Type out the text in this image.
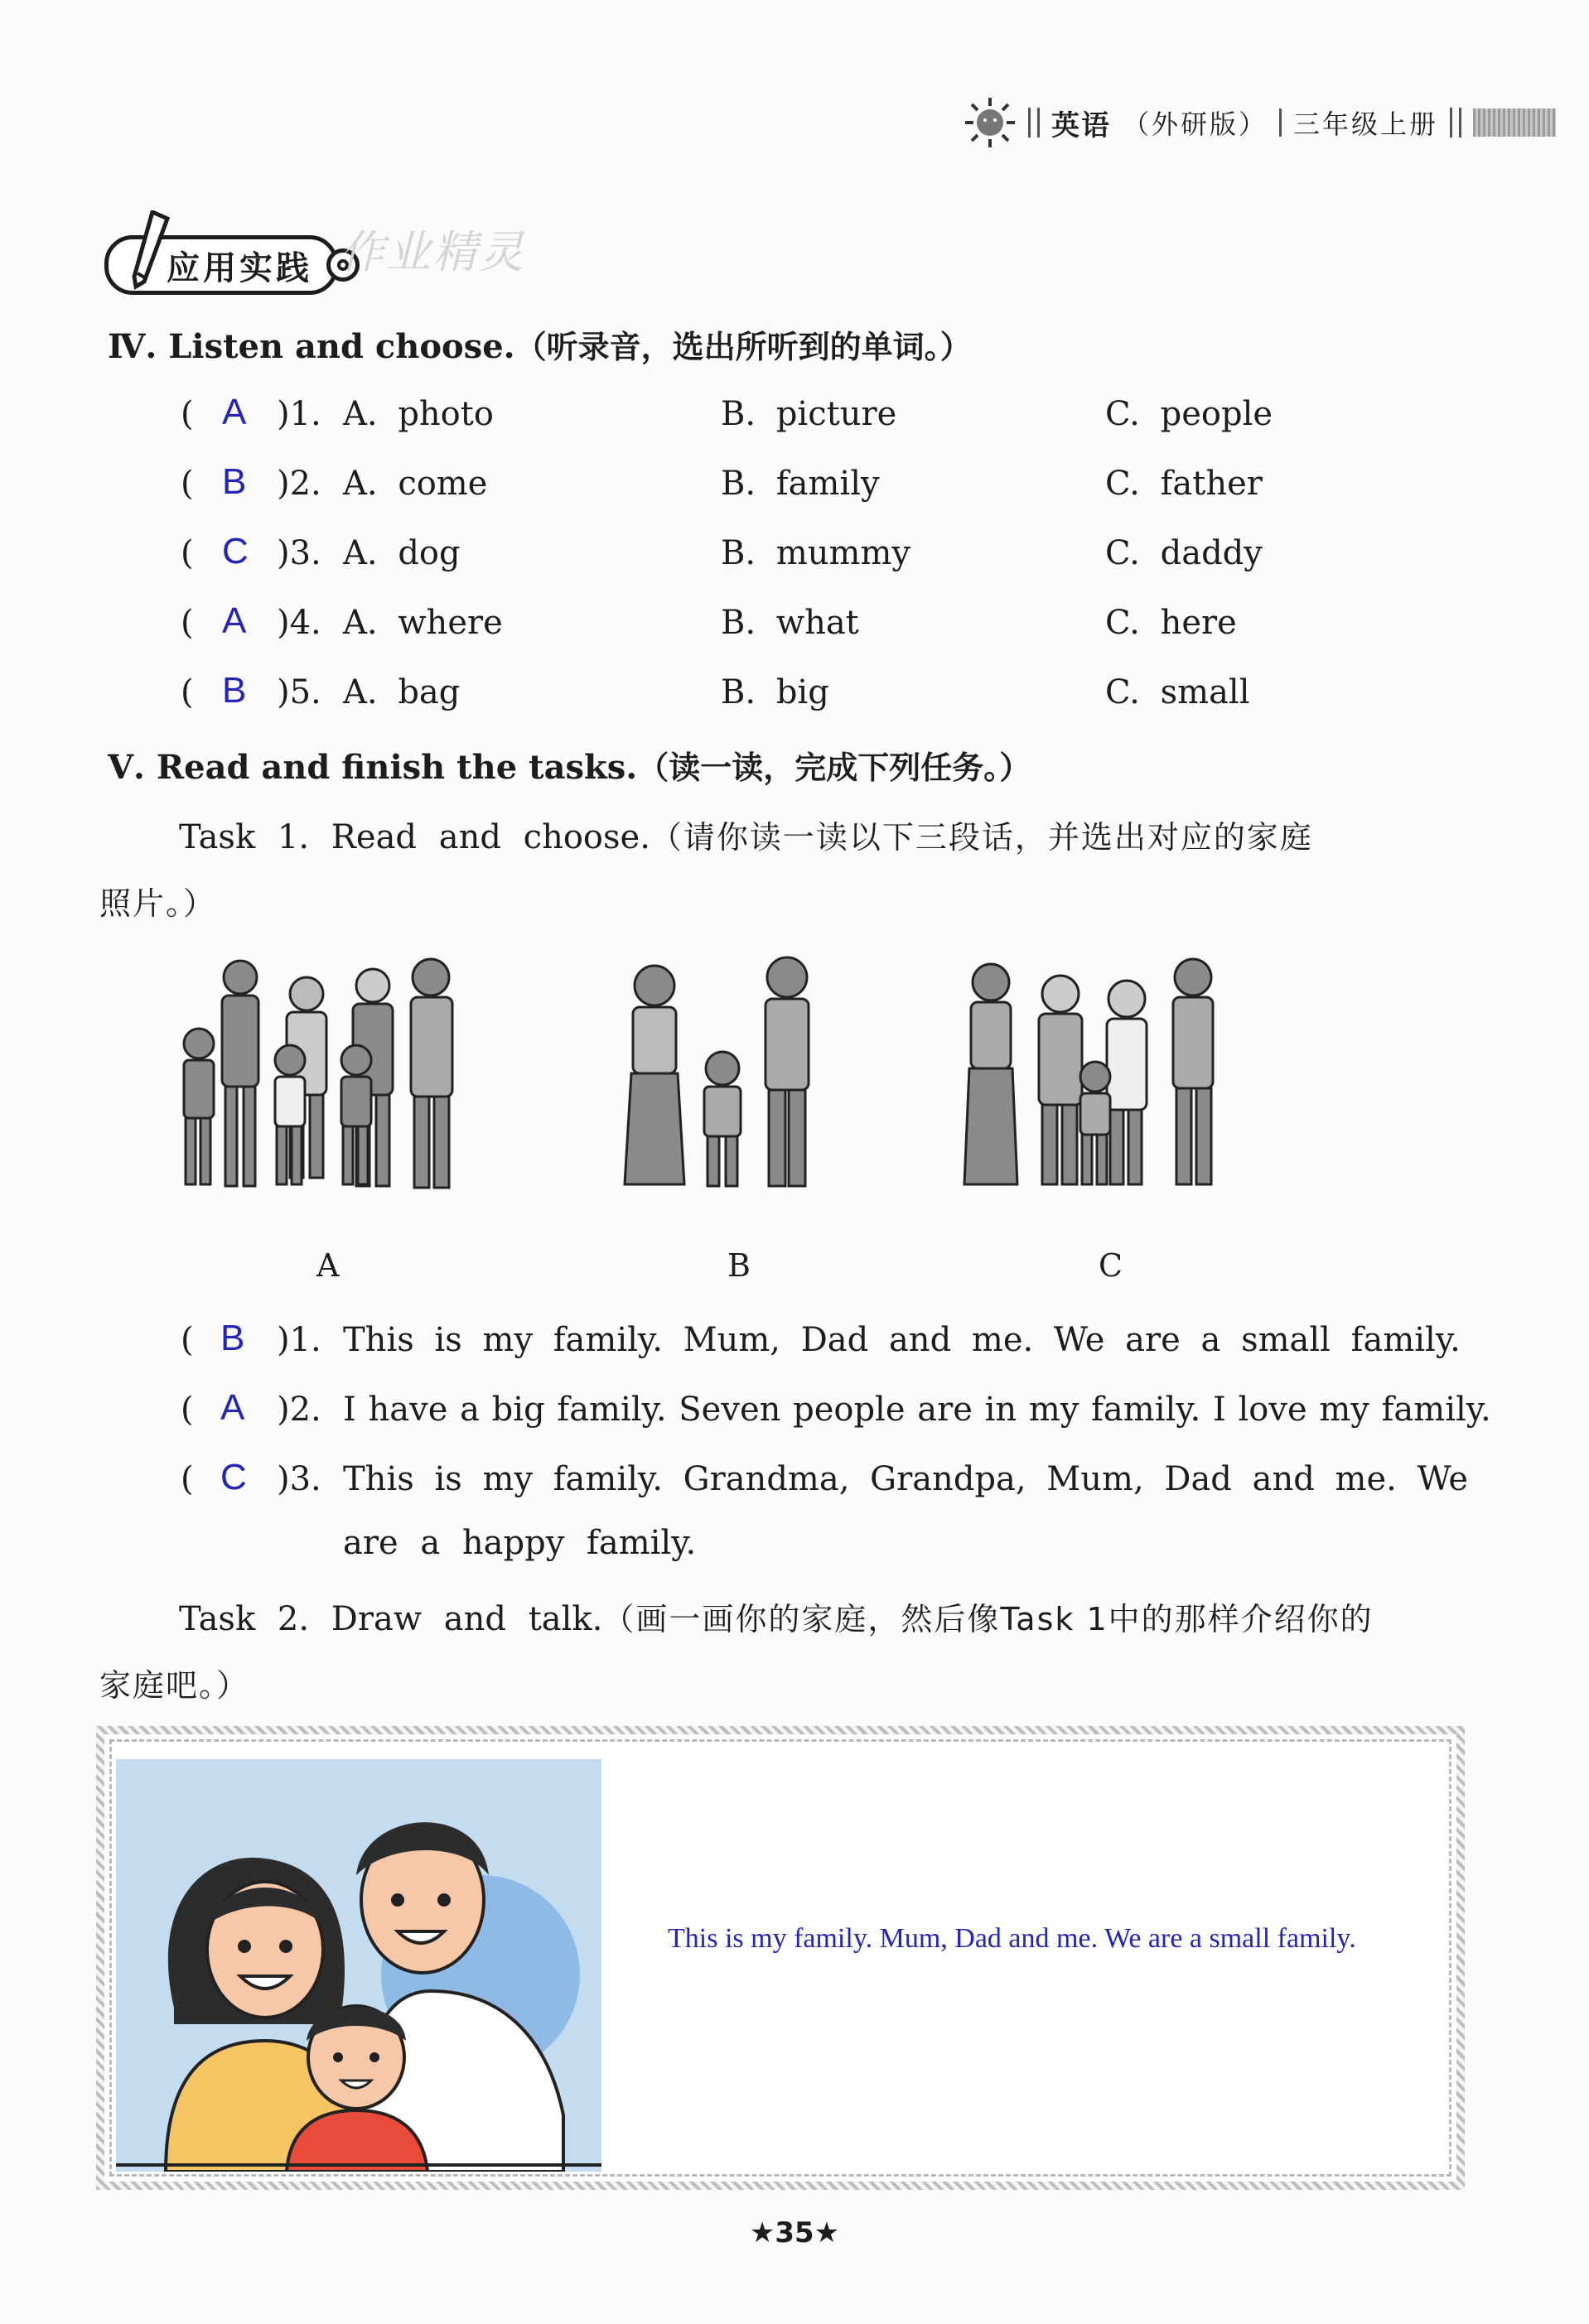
英语 （外研版） 三年级上册
应用实践 作业精灵
Ⅳ. Listen and choose.（听录音，选出所听到的单词。）
( A )1. A. photo	B. picture	C. people
( B )2. A. come	B. family	C. father
( C )3. A. dog	B. mummy	C. daddy
( A )4. A. where	B. what	C. here
( B )5. A. bag	B. big	C. small
Ⅴ. Read and finish the tasks.（读一读，完成下列任务。）
Task 1. Read and choose.（请你读一读以下三段话，并选出对应的家庭
照片。）
A	B	C
( B )1. This is my family. Mum, Dad and me. We are a small family.
( A )2. I have a big family. Seven people are in my family. I love my family.
( C )3. This is my family. Grandma, Grandpa, Mum, Dad and me. We
are a happy family.
Task 2. Draw and talk.（画一画你的家庭，然后像Task 1中的那样介绍你的
家庭吧。）
This is my family. Mum, Dad and me. We are a small family.
★35★
